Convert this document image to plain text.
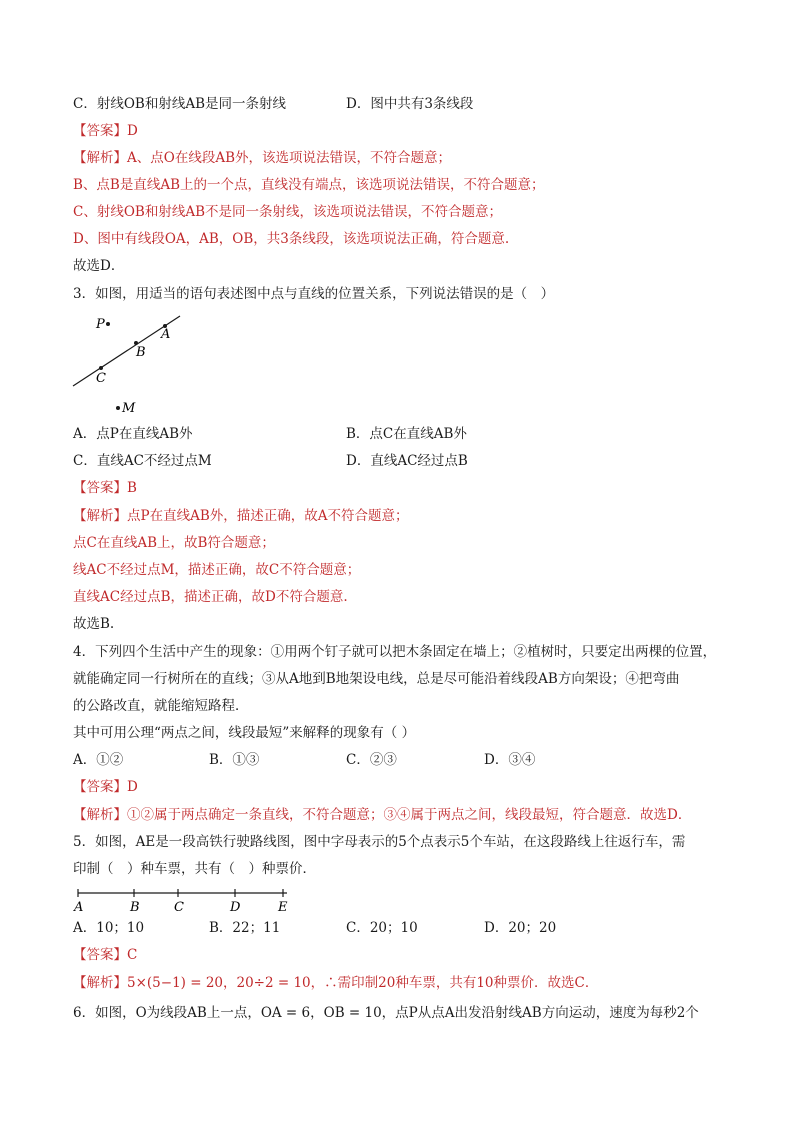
C．射线OB和射线AB是同一条射线	D．图中共有3条线段
【答案】D
【解析】A、点O在线段AB外，该选项说法错误，不符合题意；
B、点B是直线AB上的一个点，直线没有端点，该选项说法错误，不符合题意；
C、射线OB和射线AB不是同一条射线，该选项说法错误，不符合题意；
D、图中有线段OA，AB，OB，共3条线段，该选项说法正确，符合题意.
故选D．
3．如图，用适当的语句表述图中点与直线的位置关系，下列说法错误的是（　）
P
A
B
C
M
A．点P在直线AB外	B．点C在直线AB外
C．直线AC不经过点M	D．直线AC经过点B
【答案】B
【解析】点P在直线AB外，描述正确，故A不符合题意；
点C在直线AB上，故B符合题意；
线AC不经过点M，描述正确，故C不符合题意；
直线AC经过点B，描述正确，故D不符合题意.
故选B.
4．下列四个生活中产生的现象：①用两个钉子就可以把木条固定在墙上；②植树时，只要定出两棵的位置，
就能确定同一行树所在的直线；③从A地到B地架设电线，总是尽可能沿着线段AB方向架设；④把弯曲
的公路改直，就能缩短路程．
其中可用公理“两点之间，线段最短”来解释的现象有（ ）
A．①②	B．①③	C．②③	D．③④
【答案】D
【解析】①②属于两点确定一条直线，不符合题意；③④属于两点之间，线段最短，符合题意．故选D．
5．如图，AE是一段高铁行驶路线图，图中字母表示的5个点表示5个车站，在这段路线上往返行车，需
印制（　）种车票，共有（　）种票价．
A	B	C	D	E
A．10；10	B．22；11	C．20；10	D．20；20
【答案】C
【解析】5×(5−1) = 20，20÷2 = 10，∴需印制20种车票，共有10种票价．故选C．
6．如图，O为线段AB上一点，OA = 6，OB = 10，点P从点A出发沿射线AB方向运动，速度为每秒2个
